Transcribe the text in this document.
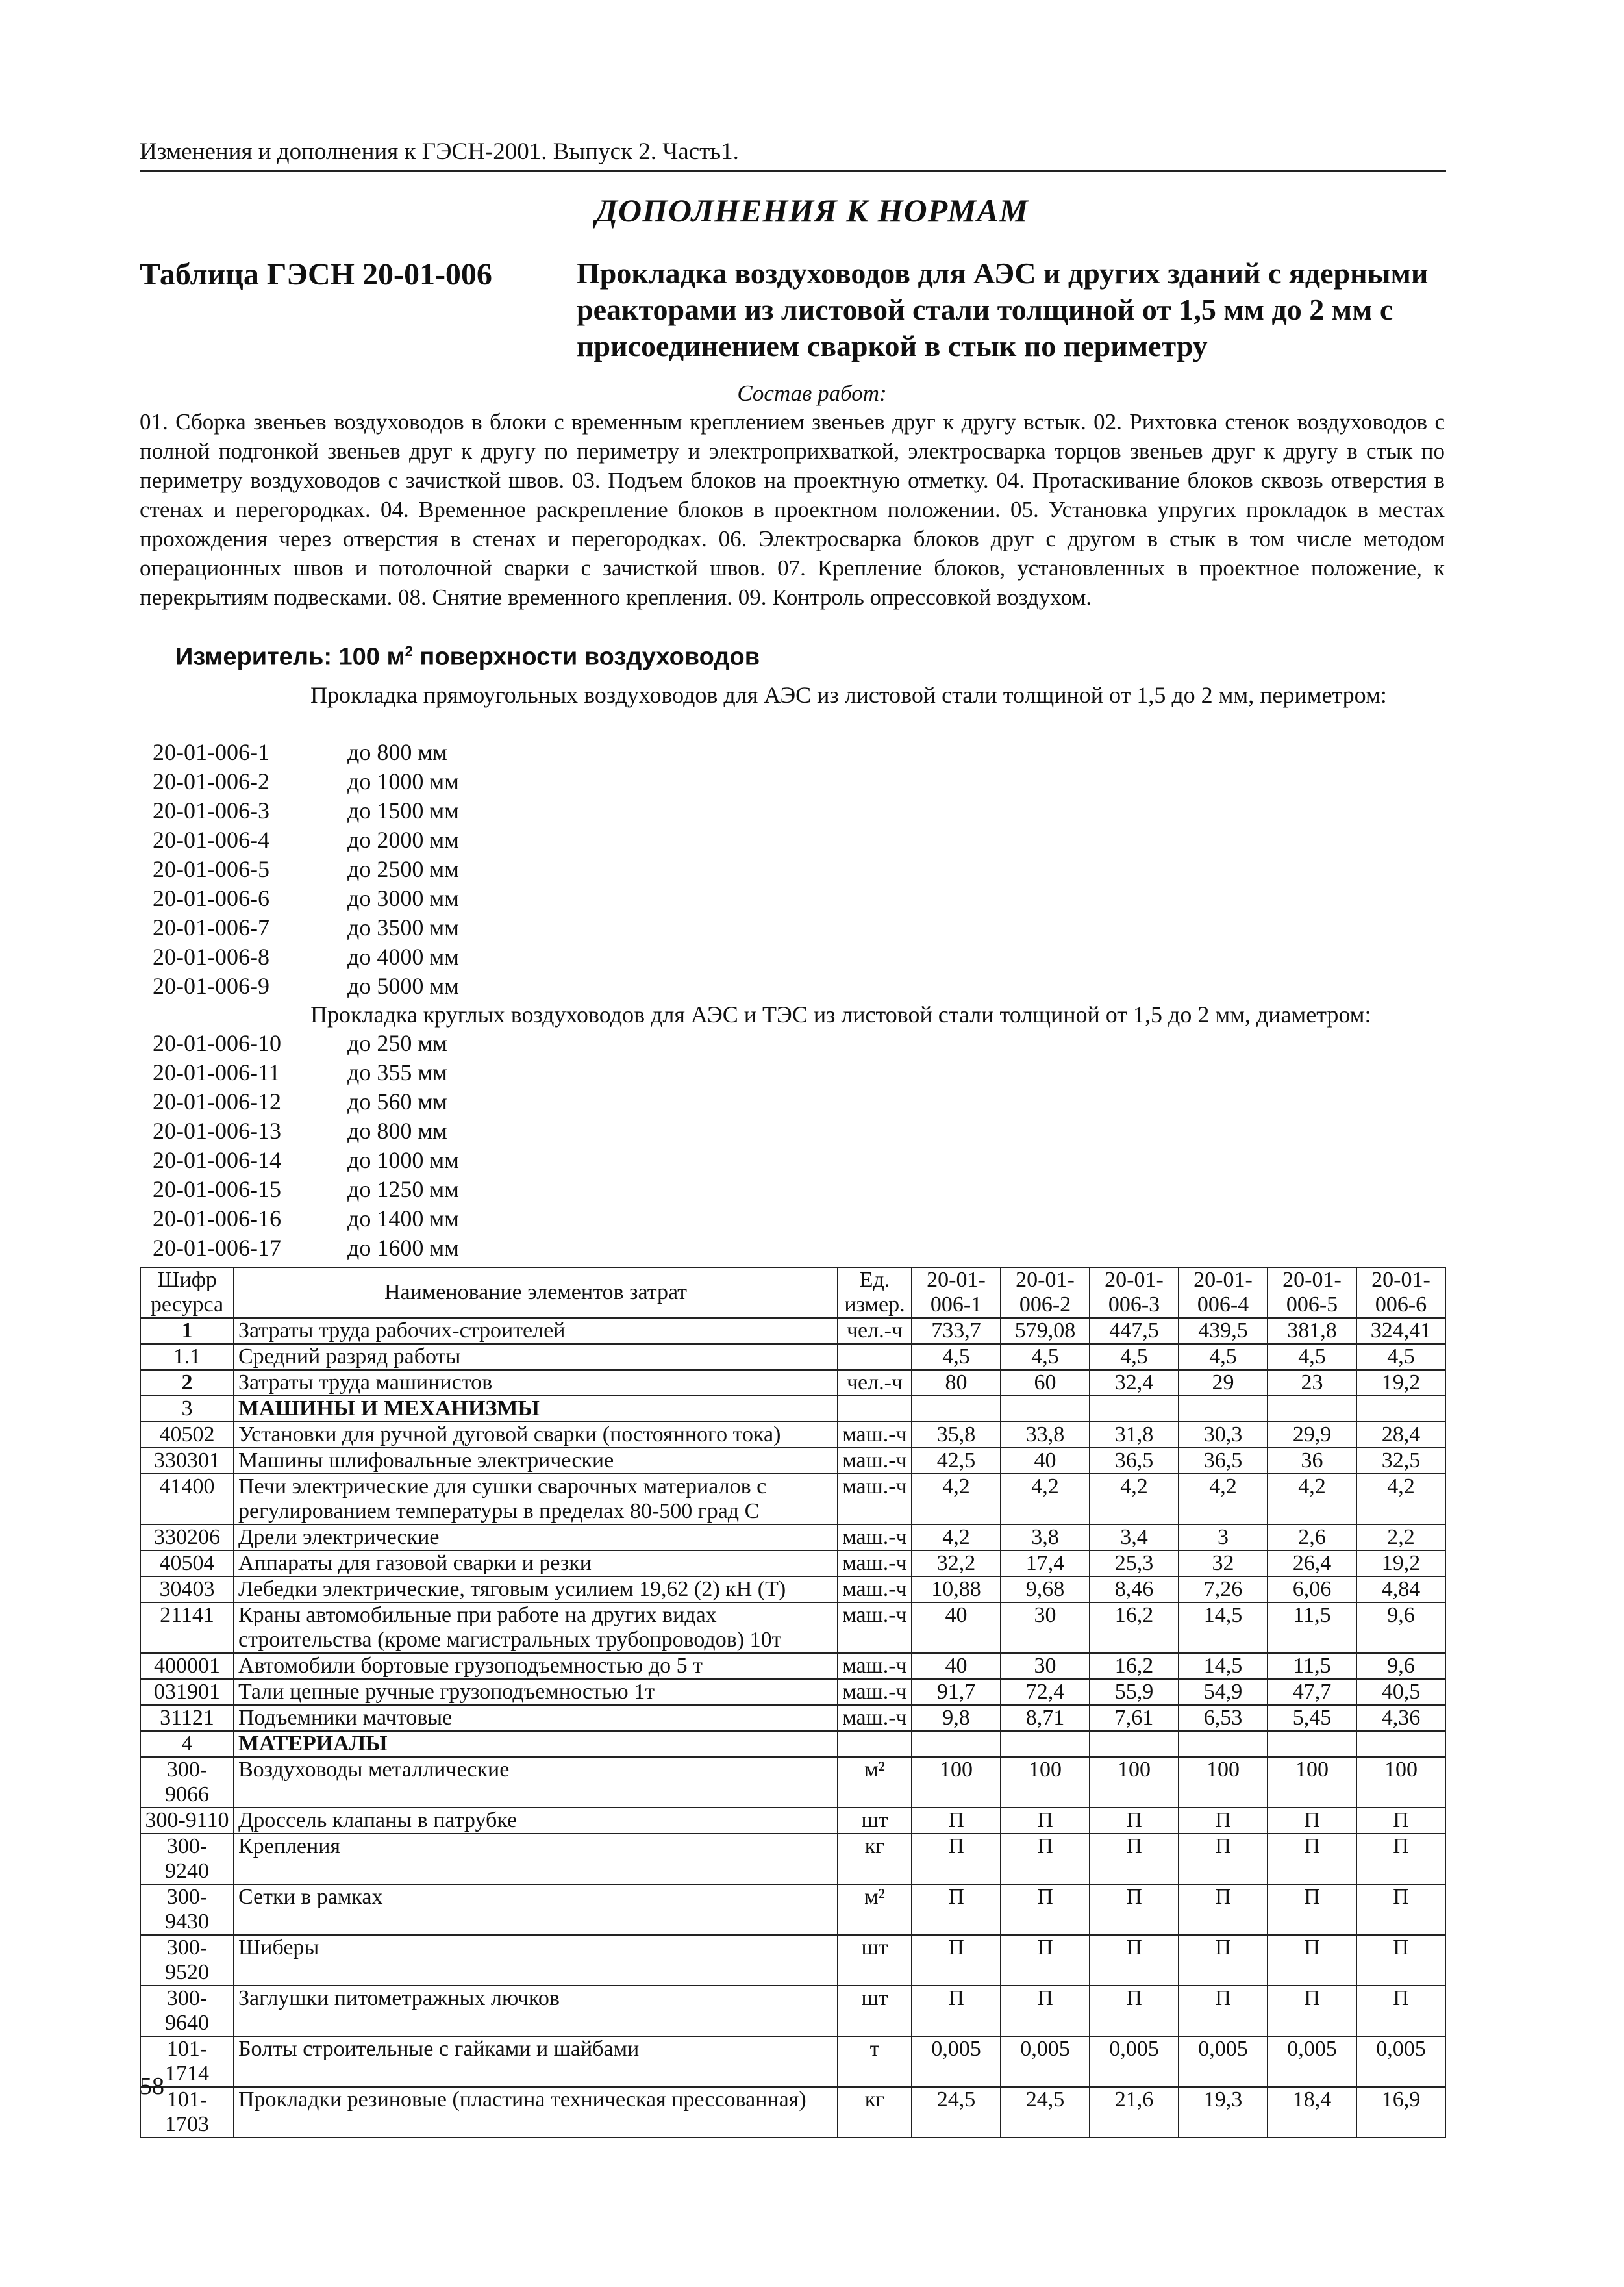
Изменения и дополнения к ГЭСН-2001. Выпуск 2. Часть1.
ДОПОЛНЕНИЯ К НОРМАМ
Таблица ГЭСН 20-01-006	Прокладка воздуховодов для АЭС и других зданий с ядерными реакторами из листовой стали толщиной от 1,5 мм до 2 мм с присоединением сваркой в стык по периметру
Состав работ:
01. Сборка звеньев воздуховодов в блоки с временным креплением звеньев друг к другу встык. 02. Рихтовка стенок воздуховодов с полной подгонкой звеньев друг к другу по периметру и электроприхваткой, электросварка торцов звеньев друг к другу в стык по периметру воздуховодов с зачисткой швов. 03. Подъем блоков на проектную отметку. 04. Протаскивание блоков сквозь отверстия в стенах и перегородках. 04. Временное раскрепление блоков в проектном положении. 05. Установка упругих прокладок в местах прохождения через отверстия в стенах и перегородках. 06. Электросварка блоков друг с другом в стык в том числе методом операционных швов и потолочной сварки с зачисткой швов. 07. Крепление блоков, установленных в проектное положение, к перекрытиям подвесками. 08. Снятие временного крепления. 09. Контроль опрессовкой воздухом.
Измеритель: 100 $м^2$ поверхности воздуховодов
Прокладка прямоугольных воздуховодов для АЭС из листовой стали толщиной от 1,5 до 2 мм, периметром:
20-01-006-1	до 800 мм
20-01-006-2	до 1000 мм
20-01-006-3	до 1500 мм
20-01-006-4	до 2000 мм
20-01-006-5	до 2500 мм
20-01-006-6	до 3000 мм
20-01-006-7	до 3500 мм
20-01-006-8	до 4000 мм
20-01-006-9	до 5000 мм
Прокладка круглых воздуховодов для АЭС и ТЭС из листовой стали толщиной от 1,5 до 2 мм, диаметром:
20-01-006-10	до 250 мм
20-01-006-11	до 355 мм
20-01-006-12	до 560 мм
20-01-006-13	до 800 мм
20-01-006-14	до 1000 мм
20-01-006-15	до 1250 мм
20-01-006-16	до 1400 мм
20-01-006-17	до 1600 мм
Шифр ресурса	Наименование элементов затрат	Ед. измер.	20-01-006-1	20-01-006-2	20-01-006-3	20-01-006-4	20-01-006-5	20-01-006-6
1	Затраты труда рабочих-строителей	чел.-ч	733,7	579,08	447,5	439,5	381,8	324,41
1.1	Средний разряд работы		4,5	4,5	4,5	4,5	4,5	4,5
2	Затраты труда машинистов	чел.-ч	80	60	32,4	29	23	19,2
3	МАШИНЫ И МЕХАНИЗМЫ							
40502	Установки для ручной дуговой сварки (постоянного тока)	маш.-ч	35,8	33,8	31,8	30,3	29,9	28,4
330301	Машины шлифовальные электрические	маш.-ч	42,5	40	36,5	36,5	36	32,5
41400	Печи электрические для сушки сварочных материалов с регулированием температуры в пределах 80-500 град С	маш.-ч	4,2	4,2	4,2	4,2	4,2	4,2
330206	Дрели электрические	маш.-ч	4,2	3,8	3,4	3	2,6	2,2
40504	Аппараты для газовой сварки и резки	маш.-ч	32,2	17,4	25,3	32	26,4	19,2
30403	Лебедки электрические, тяговым усилием 19,62 (2) кН (Т)	маш.-ч	10,88	9,68	8,46	7,26	6,06	4,84
21141	Краны автомобильные при работе на других видах строительства (кроме магистральных трубопроводов) 10т	маш.-ч	40	30	16,2	14,5	11,5	9,6
400001	Автомобили бортовые грузоподъемностью до 5 т	маш.-ч	40	30	16,2	14,5	11,5	9,6
031901	Тали цепные ручные грузоподъемностью 1т	маш.-ч	91,7	72,4	55,9	54,9	47,7	40,5
31121	Подъемники мачтовые	маш.-ч	9,8	8,71	7,61	6,53	5,45	4,36
4	МАТЕРИАЛЫ							
300-9066	Воздуховоды металлические	м²	100	100	100	100	100	100
300-9110	Дроссель клапаны в патрубке	шт	П	П	П	П	П	П
300-9240	Крепления	кг	П	П	П	П	П	П
300-9430	Сетки в рамках	м²	П	П	П	П	П	П
300-9520	Шиберы	шт	П	П	П	П	П	П
300-9640	Заглушки питометражных лючков	шт	П	П	П	П	П	П
101-1714	Болты строительные с гайками и шайбами	т	0,005	0,005	0,005	0,005	0,005	0,005
101-1703	Прокладки резиновые (пластина техническая прессованная)	кг	24,5	24,5	21,6	19,3	18,4	16,9
58
